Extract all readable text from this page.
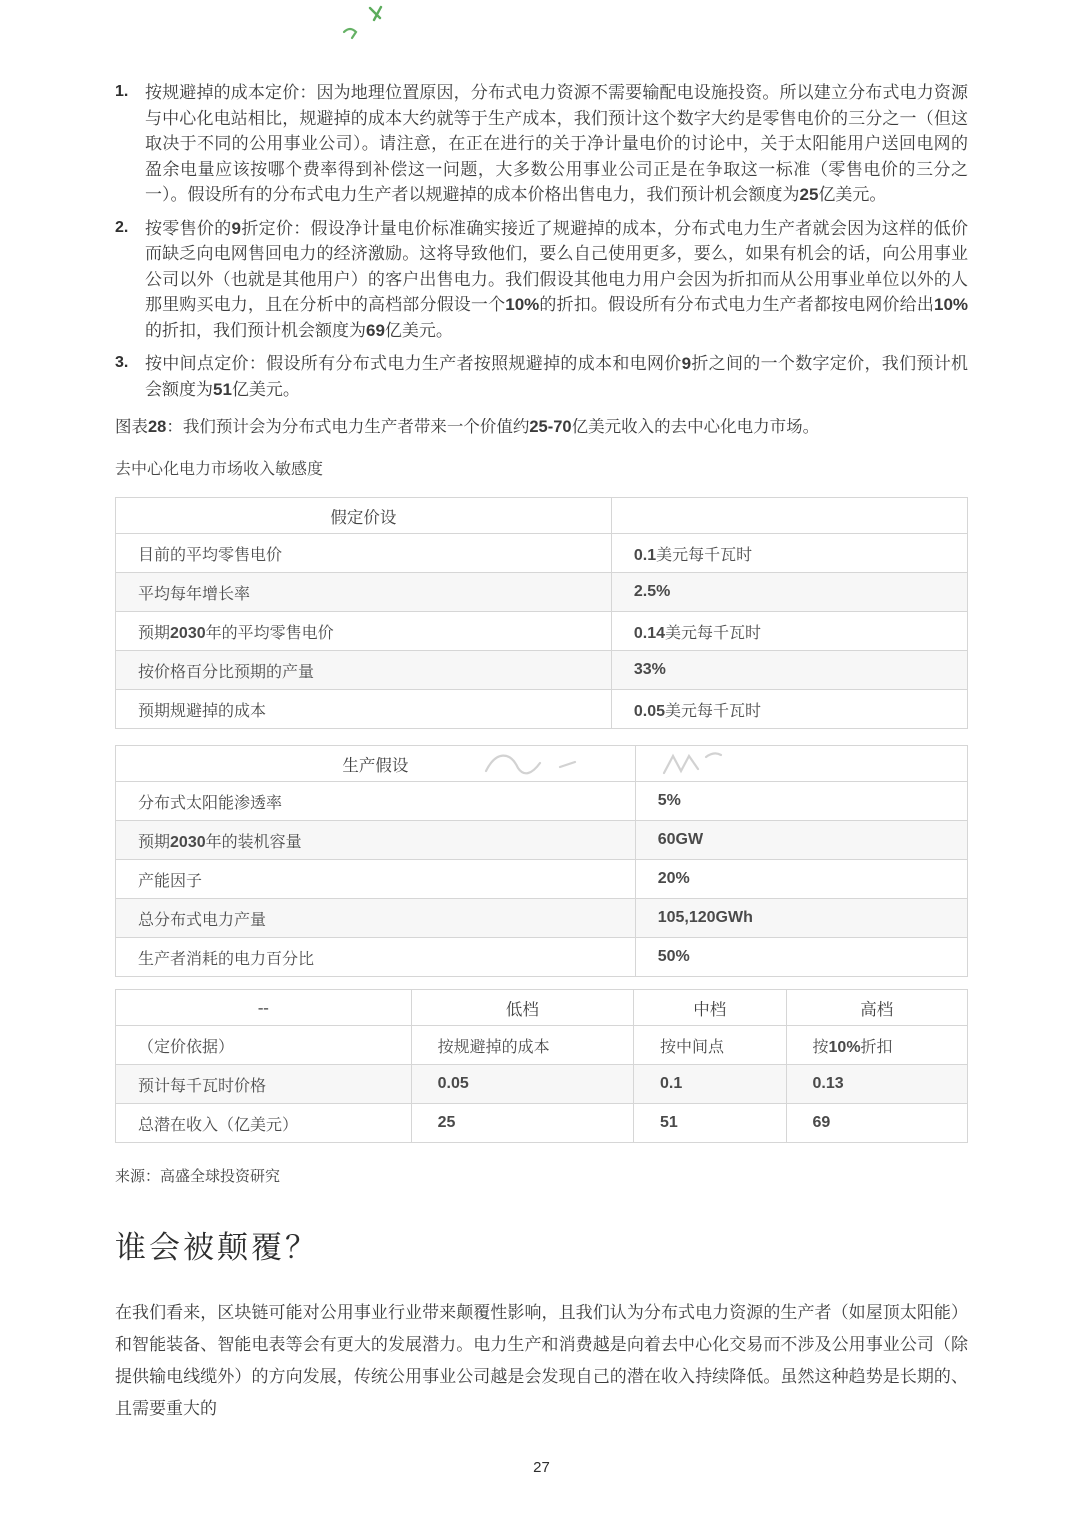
1. 按规避掉的成本定价：因为地理位置原因，分布式电力资源不需要输配电设施投资。所以建立分布式电力资源与中心化电站相比，规避掉的成本大约就等于生产成本，我们预计这个数字大约是零售电价的三分之一（但这取决于不同的公用事业公司）。请注意，在正在进行的关于净计量电价的讨论中，关于太阳能用户送回电网的盈余电量应该按哪个费率得到补偿这一问题，大多数公用事业公司正是在争取这一标准（零售电价的三分之一）。假设所有的分布式电力生产者以规避掉的成本价格出售电力，我们预计机会额度为25亿美元。
2. 按零售价的9折定价：假设净计量电价标准确实接近了规避掉的成本，分布式电力生产者就会因为这样的低价而缺乏向电网售回电力的经济激励。这将导致他们，要么自己使用更多，要么，如果有机会的话，向公用事业公司以外（也就是其他用户）的客户出售电力。我们假设其他电力用户会因为折扣而从公用事业单位以外的人那里购买电力，且在分析中的高档部分假设一个10%的折扣。假设所有分布式电力生产者都按电网价给出10%的折扣，我们预计机会额度为69亿美元。
3. 按中间点定价：假设所有分布式电力生产者按照规避掉的成本和电网价9折之间的一个数字定价，我们预计机会额度为51亿美元。
图表28：我们预计会为分布式电力生产者带来一个价值约25-70亿美元收入的去中心化电力市场。
去中心化电力市场收入敏感度
假定价设	
目前的平均零售电价	0.1美元每千瓦时
平均每年增长率	2.5%
预期2030年的平均零售电价	0.14美元每千瓦时
按价格百分比预期的产量	33%
预期规避掉的成本	0.05美元每千瓦时
生产假设	
分布式太阳能渗透率	5%
预期2030年的装机容量	60GW
产能因子	20%
总分布式电力产量	105,120GWh
生产者消耗的电力百分比	50%
--	低档	中档	高档
（定价依据）	按规避掉的成本	按中间点	按10%折扣
预计每千瓦时价格	0.05	0.1	0.13
总潜在收入（亿美元）	25	51	69
来源：高盛全球投资研究
谁会被颠覆？
在我们看来，区块链可能对公用事业行业带来颠覆性影响，且我们认为分布式电力资源的生产者（如屋顶太阳能）和智能装备、智能电表等会有更大的发展潜力。电力生产和消费越是向着去中心化交易而不涉及公用事业公司（除提供输电线缆外）的方向发展，传统公用事业公司越是会发现自己的潜在收入持续降低。虽然这种趋势是长期的、且需要重大的
27
